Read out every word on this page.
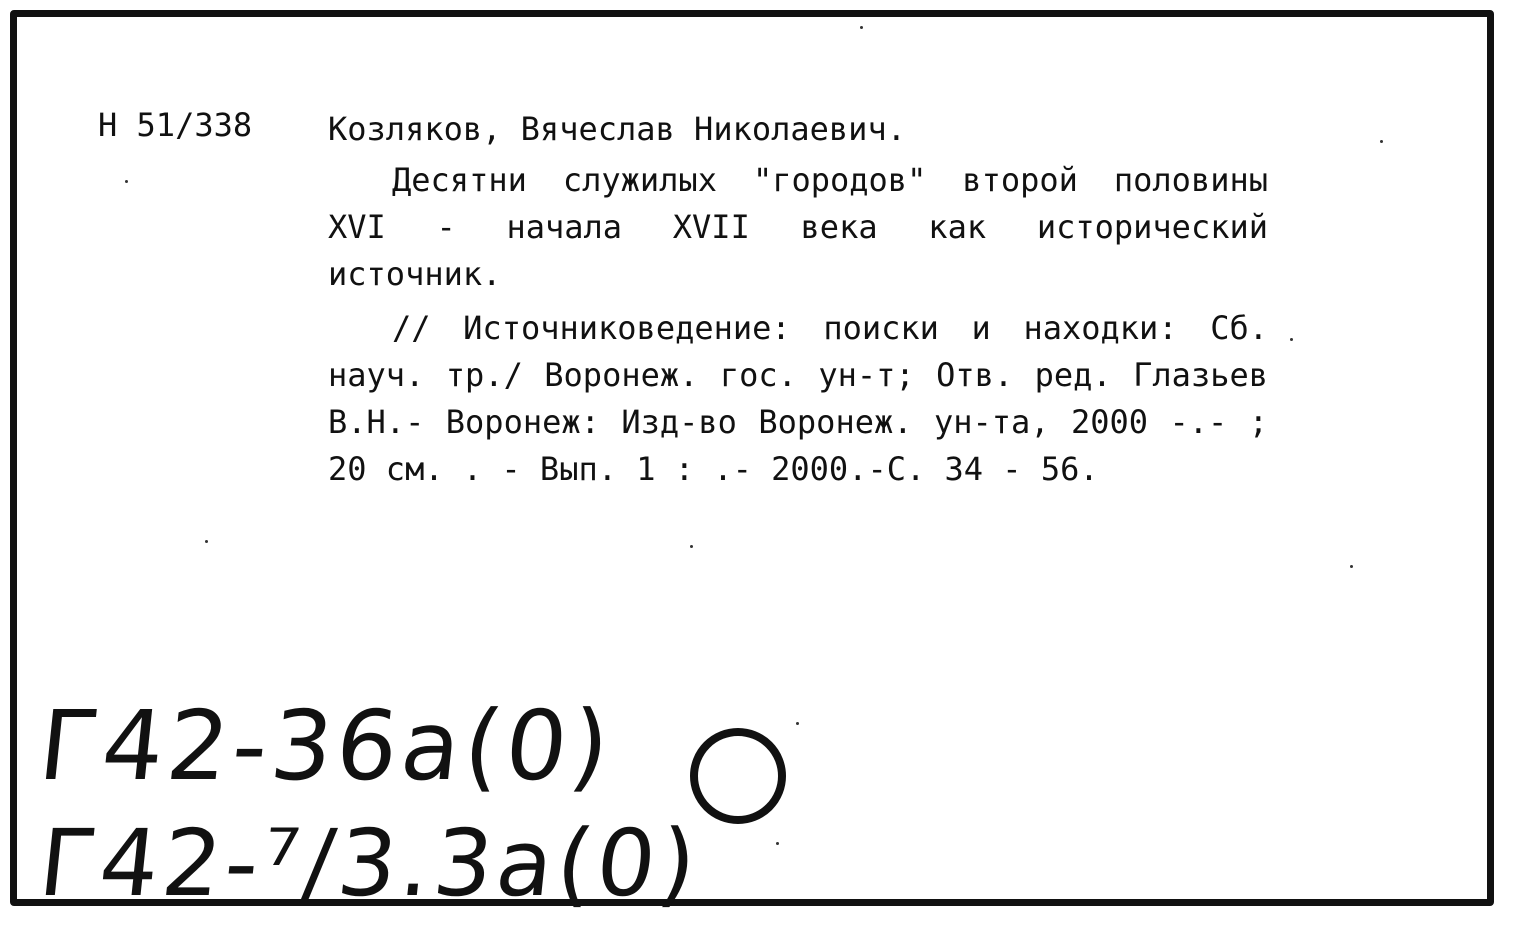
Н 51/338 Козляков, Вячеслав Николаевич.

Десятни служилых "городов" второй половины XVI - начала XVII века как исторический источник.

// Источниковедение: поиски и находки: Сб. науч. тр./ Воронеж. гос. ун-т; Отв. ред. Глазьев В.Н.- Воронеж: Изд-во Воронеж. ун-та, 2000 -.- ; 20 см. . - Вып. 1 : .- 2000.-С. 34 - 56.

Г42-36а(0)
Г42-⁷/3.3а(0)
